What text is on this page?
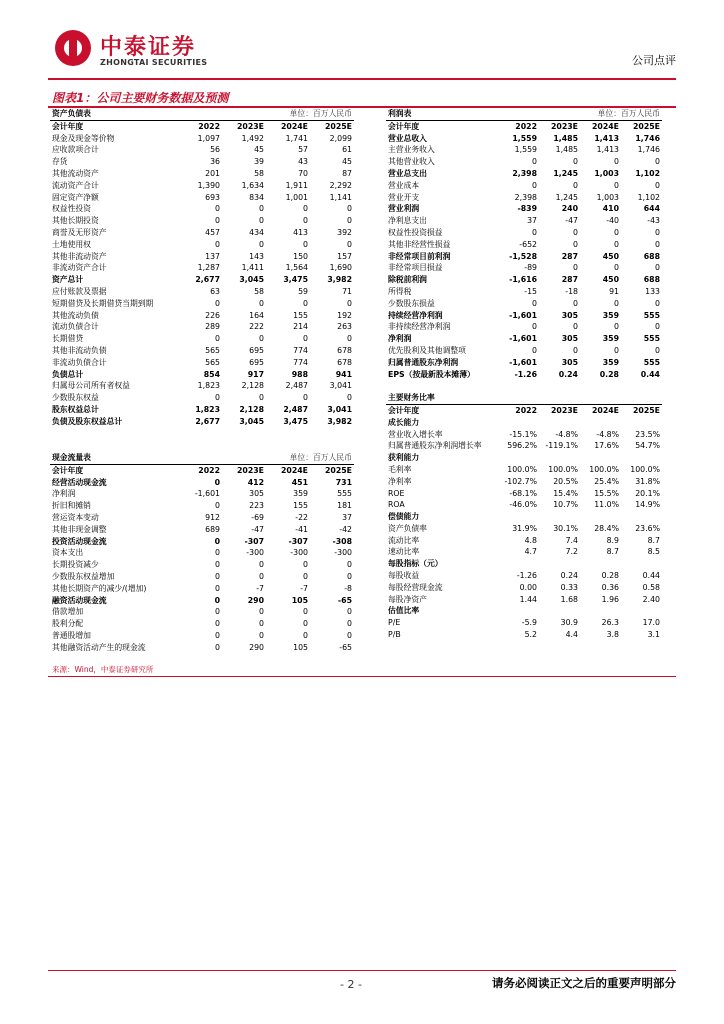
中泰证券
ZHONGTAI SECURITIES	公司点评
图表1：公司主要财务数据及预测
资产负债表	单位：百万人民币			
会计年度	2022	2023E	2024E	2025E
现金及现金等价物	1,097	1,492	1,741	2,099
应收款项合计	56	45	57	61
存货	36	39	43	45
其他流动资产	201	58	70	87
流动资产合计	1,390	1,634	1,911	2,292
固定资产净额	693	834	1,001	1,141
权益性投资	0	0	0	0
其他长期投资	0	0	0	0
商誉及无形资产	457	434	413	392
土地使用权	0	0	0	0
其他非流动资产	137	143	150	157
非流动资产合计	1,287	1,411	1,564	1,690
资产总计	2,677	3,045	3,475	3,982
应付账款及票据	63	58	59	71
短期借贷及长期借贷当期到期	0	0	0	0
其他流动负债	226	164	155	192
流动负债合计	289	222	214	263
长期借贷	0	0	0	0
其他非流动负债	565	695	774	678
非流动负债合计	565	695	774	678
负债总计	854	917	988	941
归属母公司所有者权益	1,823	2,128	2,487	3,041
少数股东权益	0	0	0	0
股东权益总计	1,823	2,128	2,487	3,041
负债及股东权益总计	2,677	3,045	3,475	3,982
利润表	单位：百万人民币			
会计年度	2022	2023E	2024E	2025E
营业总收入	1,559	1,485	1,413	1,746
主营业务收入	1,559	1,485	1,413	1,746
其他营业收入	0	0	0	0
营业总支出	2,398	1,245	1,003	1,102
营业成本	0	0	0	0
营业开支	2,398	1,245	1,003	1,102
营业利润	-839	240	410	644
净利息支出	37	-47	-40	-43
权益性投资损益	0	0	0	0
其他非经营性损益	-652	0	0	0
非经常项目前利润	-1,528	287	450	688
非经常项目损益	-89	0	0	0
除税前利润	-1,616	287	450	688
所得税	-15	-18	91	133
少数股东损益	0	0	0	0
持续经营净利润	-1,601	305	359	555
非持续经营净利润	0	0	0	0
净利润	-1,601	305	359	555
优先股利及其他调整项	0	0	0	0
归属普通股东净利润	-1,601	305	359	555
EPS（按最新股本摊薄）	-1.26	0.24	0.28	0.44

主要财务比率				
会计年度	2022	2023E	2024E	2025E
成长能力				
营业收入增长率	-15.1%	-4.8%	-4.8%	23.5%
归属普通股东净利润增长率	596.2%	-119.1%	17.6%	54.7%
获利能力				
毛利率	100.0%	100.0%	100.0%	100.0%
净利率	-102.7%	20.5%	25.4%	31.8%
ROE	-68.1%	15.4%	15.5%	20.1%
ROA	-46.0%	10.7%	11.0%	14.9%
偿债能力				
资产负债率	31.9%	30.1%	28.4%	23.6%
流动比率	4.8	7.4	8.9	8.7
速动比率	4.7	7.2	8.7	8.5
每股指标（元）				
每股收益	-1.26	0.24	0.28	0.44
每股经营现金流	0.00	0.33	0.36	0.58
每股净资产	1.44	1.68	1.96	2.40
估值比率				
P/E	-5.9	30.9	26.3	17.0
P/B	5.2	4.4	3.8	3.1
现金流量表	单位：百万人民币			
会计年度	2022	2023E	2024E	2025E
经营活动现金流	0	412	451	731
净利润	-1,601	305	359	555
折旧和摊销	0	223	155	181
营运资本变动	912	-69	-22	37
其他非现金调整	689	-47	-41	-42
投资活动现金流	0	-307	-307	-308
资本支出	0	-300	-300	-300
长期投资减少	0	0	0	0
少数股东权益增加	0	0	0	0
其他长期资产的减少/(增加)	0	-7	-7	-8
融资活动现金流	0	290	105	-65
借款增加	0	0	0	0
股利分配	0	0	0	0
普通股增加	0	0	0	0
其他融资活动产生的现金流	0	290	105	-65
来源：Wind，中泰证券研究所
- 2 -	请务必阅读正文之后的重要声明部分
